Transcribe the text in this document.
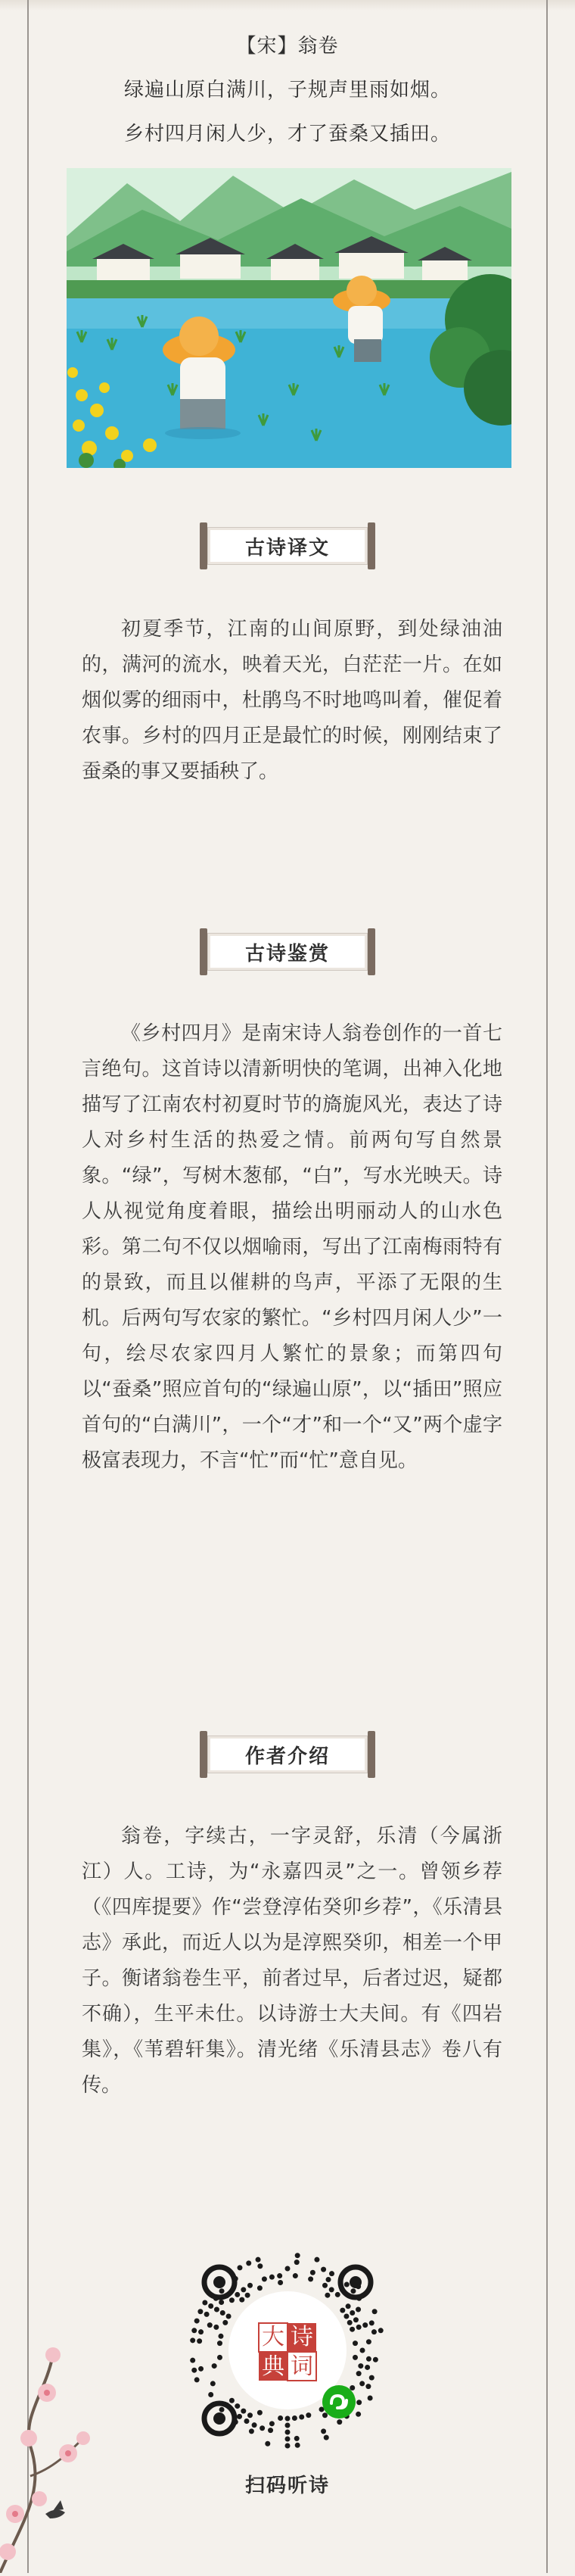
【宋】翁卷
绿遍山原白满川，子规声里雨如烟。
乡村四月闲人少，才了蚕桑又插田。
古诗译文
初夏季节，江南的山间原野，到处绿油油的，满河的流水，映着天光，白茫茫一片。在如烟似雾的细雨中，杜鹃鸟不时地鸣叫着，催促着农事。乡村的四月正是最忙的时候，刚刚结束了蚕桑的事又要插秧了。
古诗鉴赏
《乡村四月》是南宋诗人翁卷创作的一首七言绝句。这首诗以清新明快的笔调，出神入化地描写了江南农村初夏时节的旖旎风光，表达了诗人对乡村生活的热爱之情。前两句写自然景象。“绿”，写树木葱郁，“白”，写水光映天。诗人从视觉角度着眼，描绘出明丽动人的山水色彩。第二句不仅以烟喻雨，写出了江南梅雨特有的景致，而且以催耕的鸟声，平添了无限的生机。后两句写农家的繁忙。“乡村四月闲人少”一句，绘尽农家四月人繁忙的景象；而第四句以“蚕桑”照应首句的“绿遍山原”，以“插田”照应首句的“白满川”，一个“才”和一个“又”两个虚字极富表现力，不言“忙”而“忙”意自见。
作者介绍
翁卷，字续古，一字灵舒，乐清（今属浙江）人。工诗，为“永嘉四灵”之一。曾领乡荐（《四库提要》作“尝登淳佑癸卯乡荐”，《乐清县志》承此，而近人以为是淳熙癸卯，相差一个甲子。衡诸翁卷生平，前者过早，后者过迟，疑都不确），生平未仕。以诗游士大夫间。有《四岩集》，《苇碧轩集》。清光绪《乐清县志》卷八有传。
诗
词
大
典
扫码听诗
